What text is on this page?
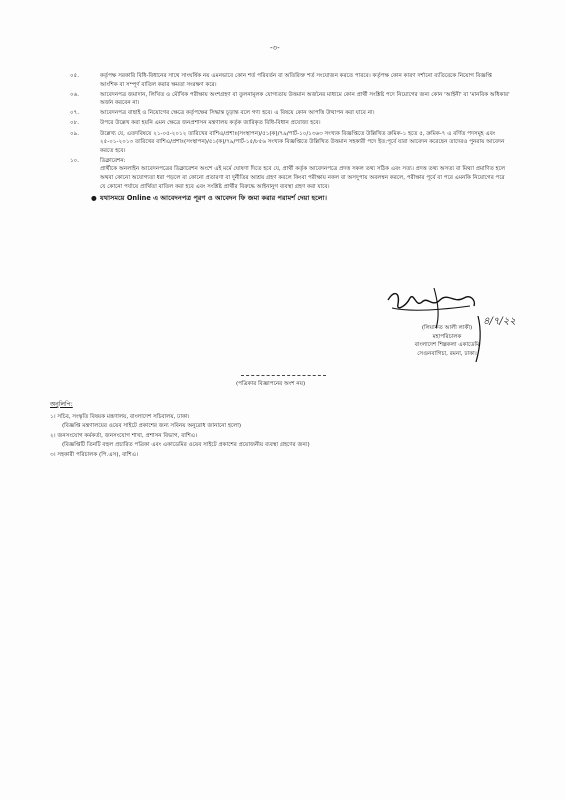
-৩-
০৫.	কর্তৃপক্ষ সরকারি বিধি-বিধানের সাথে সাংঘর্ষিক নয় এমনভাবে কোন শর্ত পরিবর্তন বা অতিরিক্ত শর্ত সংযোজন করতে পারবে। কর্তৃপক্ষ কোন কারণ দর্শানো ব্যতিরেকে নিয়োগ বিজ্ঞপ্তি আংশিক বা সম্পূর্ণ বাতিল করার ক্ষমতা সংরক্ষণ করে।
০৬.	আবেদনপত্র জমাদান, লিখিত ও মৌখিক পরীক্ষায় অংশগ্রহণ বা তুলনামূলক যোগ্যতায় উত্তমান অর্জনের মাধ্যমে কোন প্রার্থী সংশ্লিষ্ট পদে নিয়োগের জন্য কোন 'আইনী' বা 'মানবিক অধিকার' অর্জন করবেন না।
০৭.	আবেদনপত্র বাছাই ও নিয়োগের ক্ষেত্রে কর্তৃপক্ষের সিদ্ধান্ত চূড়ান্ত বলে গণ্য হবে। এ বিষয়ে কোন আপত্তি উত্থাপন করা যাবে না।
০৮.	উপরে উল্লেখ করা হয়নি এমন ক্ষেত্রে জনপ্রশাসন মন্ত্রণালয় কর্তৃক জারিকৃত বিধি-বিধান প্রযোজ্য হবে।
০৯.	উল্লেখ্য যে, এতদবিষয়ে ২১-০৫-২০১২ তারিখের বাশিএ/প্রশাঃ(সংস্থাপন)/৫১(ক)/৭৯/পার্ট-১০/১৩৬৩ সংখ্যক বিজ্ঞপ্তিতে উল্লিখিত ক্রমিক-১ হতে ৫, ক্রমিক-৭ এ বর্ণিত পদসমূহ এবং ২৫-০১-২০১৩ তারিখের বাশিএ/প্রশাঃ(সংস্থাপন)/৫১(ক)/৭৯/পার্ট-১৫/৮৫৬ সংখ্যক বিজ্ঞপ্তিতে উল্লিখিত উত্তমান সহকারী পদে ইত:পূর্বে যারা আবেদন করেছেন তাদেরও পুনরায় আবেদন করতে হবে।
১০.	ডিক্লারেশন:
প্রার্থীকে অনলাইন আবেদনপত্রের ডিক্লারেশন অংশে এই মর্মে ঘোষণা দিতে হবে যে, প্রার্থী কর্তৃক আবেদনপত্রে প্রদত্ত সকল তথ্য সঠিক এবং সত্য। প্রদত্ত তথ্য অসত্য বা মিথ্যা প্রমাণিত হলে অথবা কোনো অযোগ্যতা ধরা পড়লে বা কোনো প্রতারণা বা দুর্নীতির আশ্রয় গ্রহণ করলে কিংবা পরীক্ষায় নকল বা অসদুপায় অবলম্বন করলে, পরীক্ষার পূর্বে বা পরে এমনকি নিয়োগের পরে যে কোনো পর্যায়ে প্রার্থিতা বাতিল করা হবে এবং সংশ্লিষ্ট প্রার্থীর বিরুদ্ধে আইনানুগ ব্যবস্থা গ্রহণ করা যাবে।
● যথাসময়ে Online এ আবেদনপত্র পূরণ ও আবেদন ফি জমা করার পরামর্শ দেয়া হলো।
৪/৭/২২
(লিয়াকত আলী লাকী)
মহাপরিচালক
বাংলাদেশ শিল্পকলা একাডেমি
সেগুনবাগিচা, রমনা, ঢাকা।
(পত্রিকার বিজ্ঞাপনের অংশ নয়)
অনুলিপি:
১। সচিব, সংস্কৃতি বিষয়ক মন্ত্রণালয়, বাংলাদেশ সচিবালয়, ঢাকা।
(বিজ্ঞপ্তি মন্ত্রণালয়ের ওয়েব সাইটে প্রকাশের জন্য সবিনয় অনুরোধ জানানো হলো)
২। জনসংযোগ কর্মকর্তা, জনসংযোগ শাখা, প্রশাসন বিভাগ, বাশিএ।
(বিজ্ঞপ্তিটি তিনটি বহুল প্রচারিত পত্রিকা এবং একাডেমির ওয়েব সাইটে প্রকাশের প্রয়োজনীয় ব্যবস্থা গ্রহণের জন্য)
৩। সহকারী পরিচালক (পি.এস), বাশিএ।
